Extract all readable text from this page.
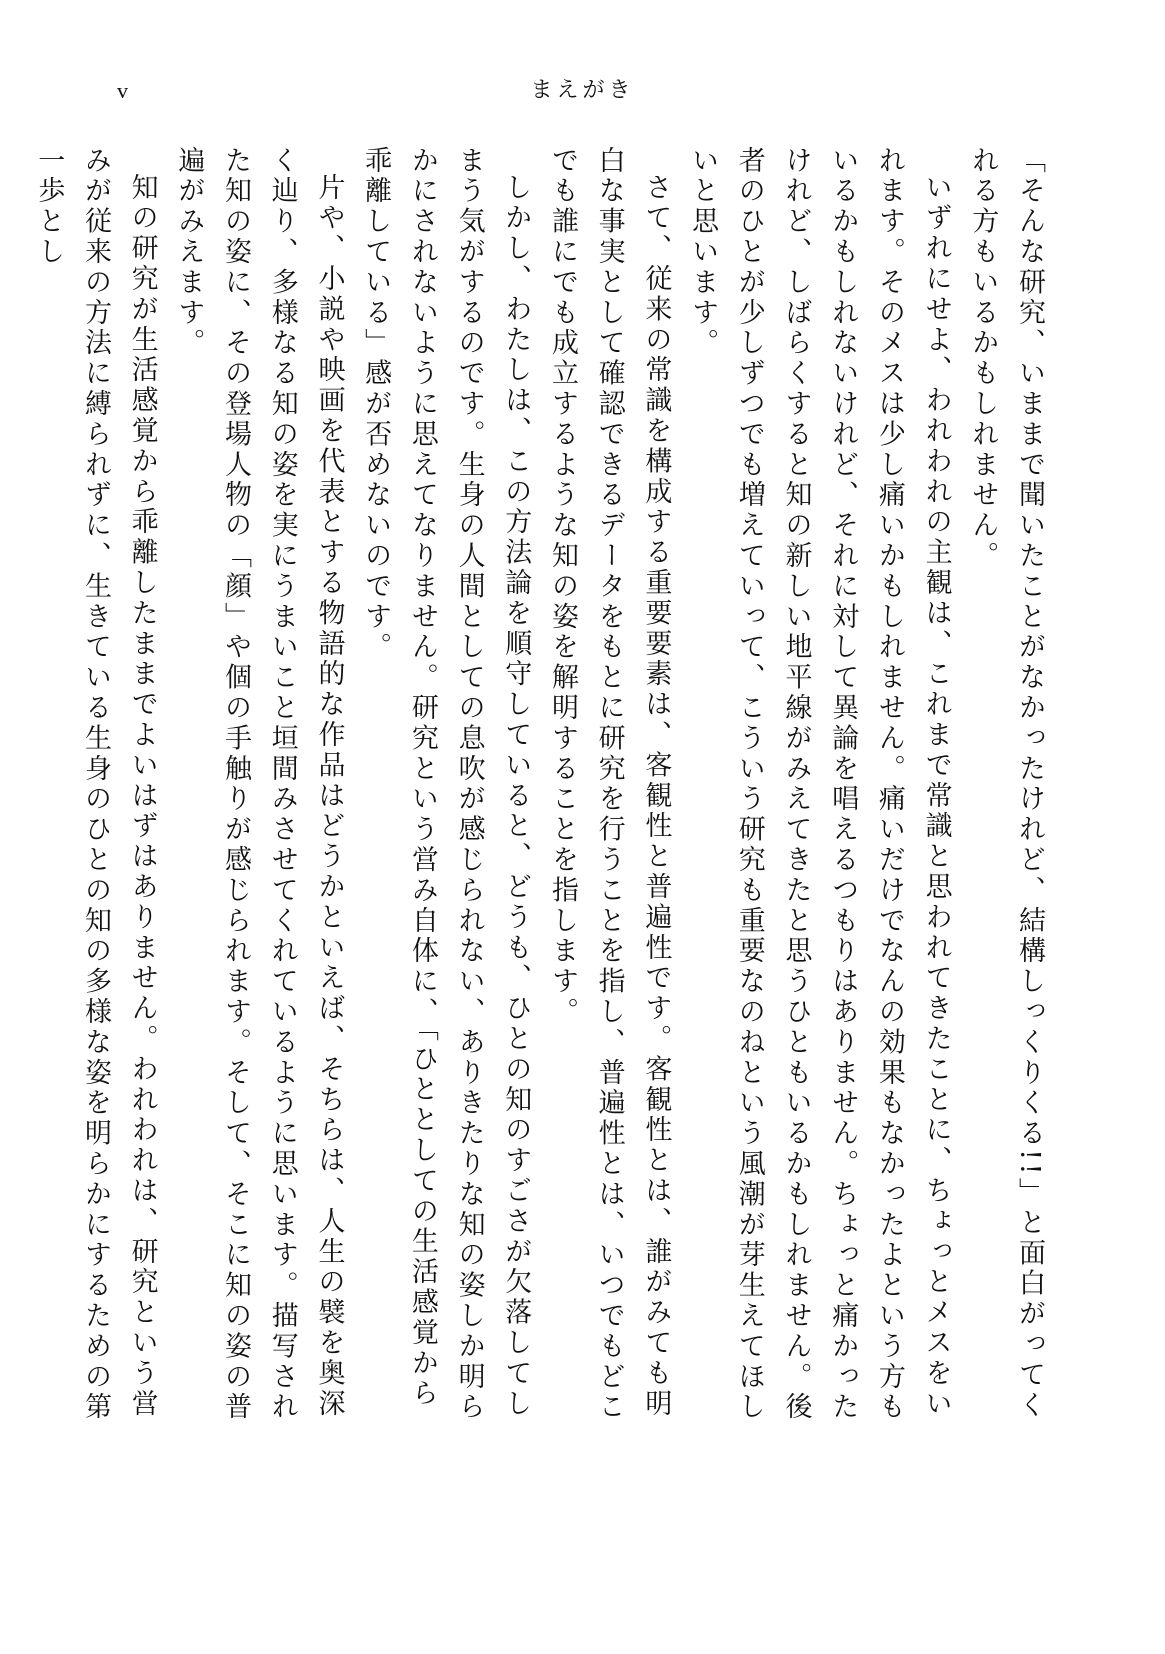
v	まえがき

「そんな研究、いままで聞いたことがなかったけれど、結構しっくりくる!!」と面白がってくれる方もいるかもしれません。

いずれにせよ、われわれの主観は、これまで常識と思われてきたことに、ちょっとメスをいれます。そのメスは少し痛いかもしれません。痛いだけでなんの効果もなかったよという方もいるかもしれないけれど、それに対して異論を唱えるつもりはありません。ちょっと痛かったけれど、しばらくすると知の新しい地平線がみえてきたと思うひともいるかもしれません。後者のひとが少しずつでも増えていって、こういう研究も重要なのねという風潮が芽生えてほしいと思います。

さて、従来の常識を構成する重要要素は、客観性と普遍性です。客観性とは、誰がみても明白な事実として確認できるデータをもとに研究を行うことを指し、普遍性とは、いつでもどこでも誰にでも成立するような知の姿を解明することを指します。

しかし、わたしは、この方法論を順守していると、どうも、ひとの知のすごさが欠落してしまう気がするのです。生身の人間としての息吹が感じられない、ありきたりな知の姿しか明らかにされないように思えてなりません。研究という営み自体に、「ひととしての生活感覚から乖離している」感が否めないのです。

片や、小説や映画を代表とする物語的な作品はどうかといえば、そちらは、人生の襞を奥深く辿り、多様なる知の姿を実にうまいこと垣間みさせてくれているように思います。描写された知の姿に、その登場人物の「顔」や個の手触りが感じられます。そして、そこに知の姿の普遍がみえます。

知の研究が生活感覚から乖離したままでよいはずはありません。われわれは、研究という営みが従来の方法に縛られずに、生きている生身のひとの知の多様な姿を明らかにするための第一歩とし
